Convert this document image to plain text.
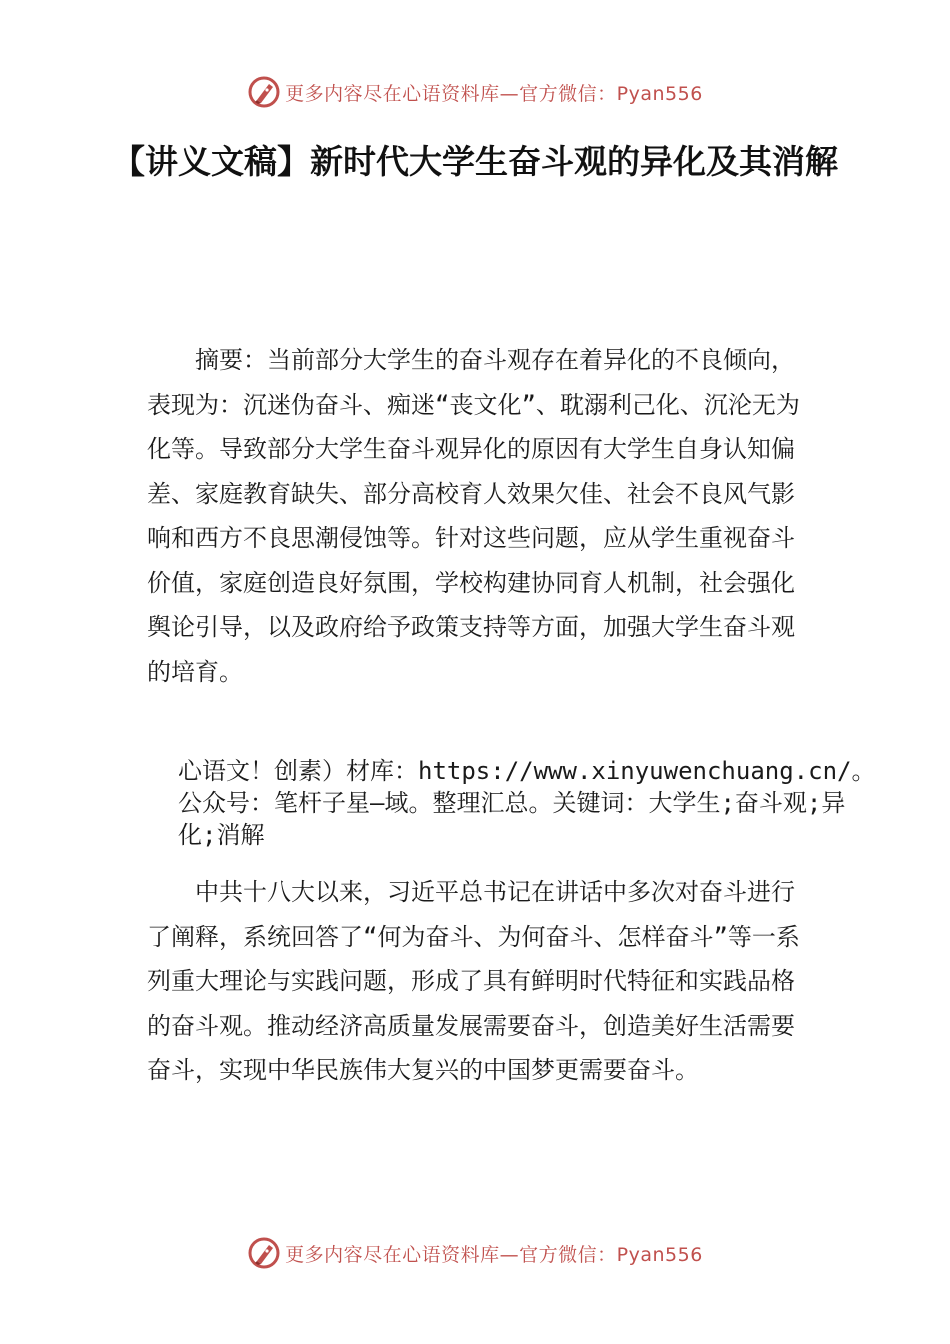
更多内容尽在心语资料库—官方微信：Pyan556
【讲义文稿】新时代大学生奋斗观的异化及其消解

摘要：当前部分大学生的奋斗观存在着异化的不良倾向，表现为：沉迷伪奋斗、痴迷“丧文化”、耽溺利己化、沉沦无为化等。导致部分大学生奋斗观异化的原因有大学生自身认知偏差、家庭教育缺失、部分高校育人效果欠佳、社会不良风气影响和西方不良思潮侵蚀等。针对这些问题，应从学生重视奋斗价值，家庭创造良好氛围，学校构建协同育人机制，社会强化舆论引导，以及政府给予政策支持等方面，加强大学生奋斗观的培育。

心语文！创素）材库：https://www.xinyuwenchuang.cn/。公众号：笔杆子星—域。整理汇总。关键词：大学生;奋斗观;异化;消解

中共十八大以来，习近平总书记在讲话中多次对奋斗进行了阐释，系统回答了“何为奋斗、为何奋斗、怎样奋斗”等一系列重大理论与实践问题，形成了具有鲜明时代特征和实践品格的奋斗观。推动经济高质量发展需要奋斗，创造美好生活需要奋斗，实现中华民族伟大复兴的中国梦更需要奋斗。

更多内容尽在心语资料库—官方微信：Pyan556
